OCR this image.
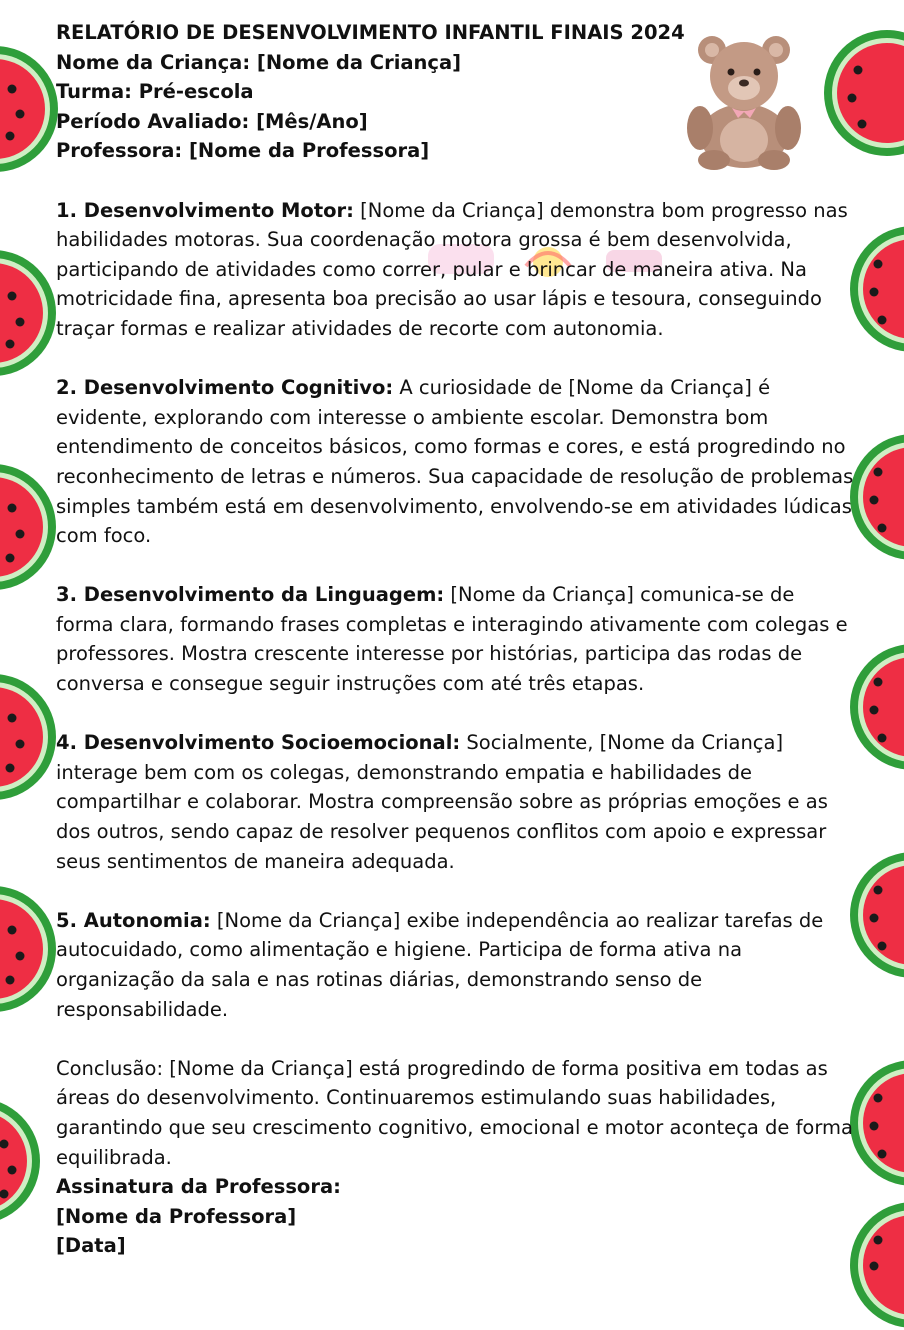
RELATÓRIO DE DESENVOLVIMENTO INFANTIL FINAIS 2024
Nome da Criança: [Nome da Criança]
Turma: Pré-escola
Período Avaliado: [Mês/Ano]
Professora: [Nome da Professora]

1. Desenvolvimento Motor: [Nome da Criança] demonstra bom progresso nas habilidades motoras. Sua coordenação motora grossa é bem desenvolvida, participando de atividades como correr, pular e brincar de maneira ativa. Na motricidade fina, apresenta boa precisão ao usar lápis e tesoura, conseguindo traçar formas e realizar atividades de recorte com autonomia.

2. Desenvolvimento Cognitivo: A curiosidade de [Nome da Criança] é evidente, explorando com interesse o ambiente escolar. Demonstra bom entendimento de conceitos básicos, como formas e cores, e está progredindo no reconhecimento de letras e números. Sua capacidade de resolução de problemas simples também está em desenvolvimento, envolvendo-se em atividades lúdicas com foco.

3. Desenvolvimento da Linguagem: [Nome da Criança] comunica-se de forma clara, formando frases completas e interagindo ativamente com colegas e professores. Mostra crescente interesse por histórias, participa das rodas de conversa e consegue seguir instruções com até três etapas.

4. Desenvolvimento Socioemocional: Socialmente, [Nome da Criança] interage bem com os colegas, demonstrando empatia e habilidades de compartilhar e colaborar. Mostra compreensão sobre as próprias emoções e as dos outros, sendo capaz de resolver pequenos conflitos com apoio e expressar seus sentimentos de maneira adequada.

5. Autonomia: [Nome da Criança] exibe independência ao realizar tarefas de autocuidado, como alimentação e higiene. Participa de forma ativa na organização da sala e nas rotinas diárias, demonstrando senso de responsabilidade.

Conclusão: [Nome da Criança] está progredindo de forma positiva em todas as áreas do desenvolvimento. Continuaremos estimulando suas habilidades, garantindo que seu crescimento cognitivo, emocional e motor aconteça de forma equilibrada.

Assinatura da Professora:
[Nome da Professora]
[Data]
